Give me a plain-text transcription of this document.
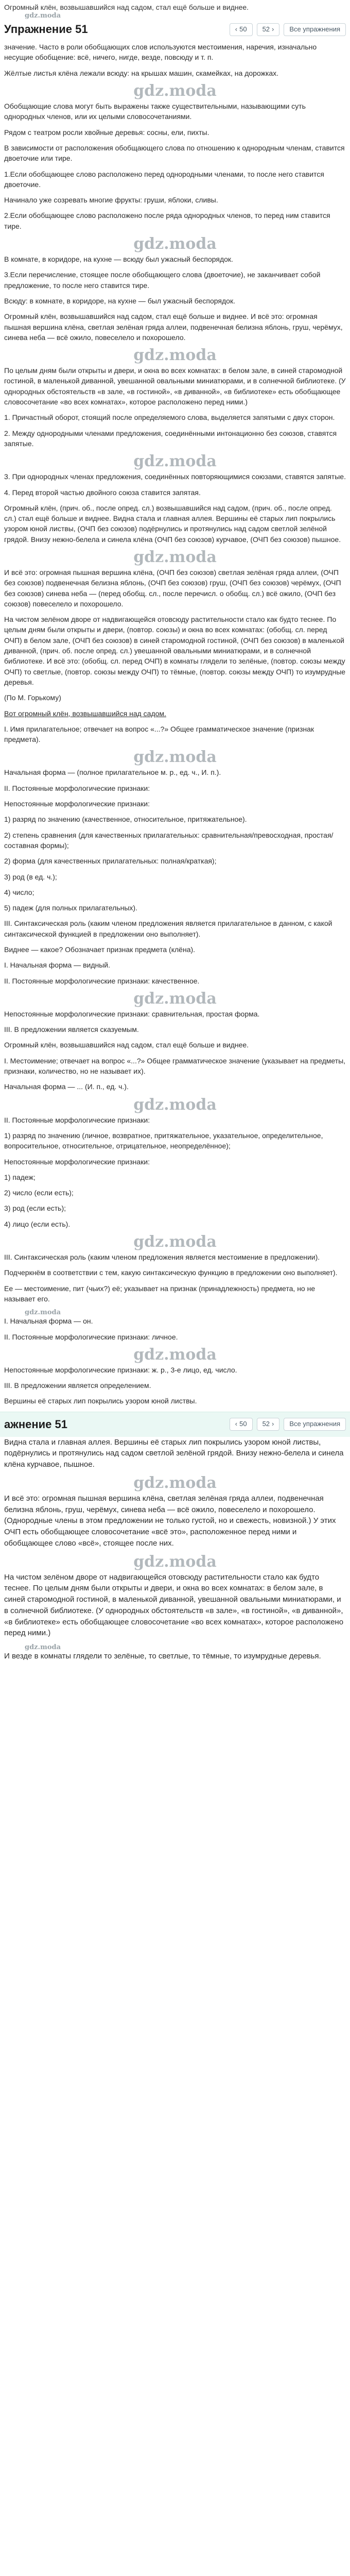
Огромный клён, возвышавшийся над садом, стал ещё больше и виднее.
gdz.moda
Упражнение 51	‹ 50 52 ›	Все упражнения

значение. Часто в роли обобщающих слов используются местоимения, наречия, изначально несущие обобщение: всё, ничего, нигде, везде, повсюду и т. п.

Жёлтые листья клёна лежали всюду: на крышах машин, скамейках, на дорожках.

gdz.moda

Обобщающие слова могут быть выражены также существительными, называющими суть однородных членов, или их целыми словосочетаниями.

Рядом с театром росли хвойные деревья: сосны, ели, пихты.

В зависимости от расположения обобщающего слова по отношению к однородным членам, ставится двоеточие или тире.

1.Если обобщающее слово расположено перед однородными членами, то после него ставится двоеточие.

Начинало уже созревать многие фрукты: груши, яблоки, сливы.

2.Если обобщающее слово расположено после ряда однородных членов, то перед ним ставится тире.

gdz.moda

В комнате, в коридоре, на кухне — всюду был ужасный беспорядок.

3.Если перечисление, стоящее после обобщающего слова (двоеточие), не заканчивает собой предложение, то после него ставится тире.

Всюду: в комнате, в коридоре, на кухне — был ужасный беспорядок.

Огромный клён, возвышавшийся над садом, стал ещё больше и виднее. И всё это: огромная пышная вершина клёна, светлая зелёная гряда аллеи, подвенечная белизна яблонь, груш, черёмух, синева неба — всё ожило, повеселело и похорошело.

gdz.moda

По целым дням были открыты и двери, и окна во всех комнатах: в белом зале, в синей старомодной гостиной, в маленькой диванной, увешанной овальными миниатюрами, и в солнечной библиотеке. (У однородных обстоятельств «в зале, «в гостиной», «в диванной», «в библиотеке» есть обобщающее словосочетание «во всех комнатах», которое расположено перед ними.)

1. Причастный оборот, стоящий после определяемого слова, выделяется запятыми с двух сторон.

2. Между однородными членами предложения, соединёнными интонационно без союзов, ставятся запятые.

gdz.moda

3. При однородных членах предложения, соединённых повторяющимися союзами, ставятся запятые.

4. Перед второй частью двойного союза ставится запятая.

Огромный клён, (прич. об., после опред. сл.) возвышавшийся над садом, (прич. об., после опред. сл.) стал ещё больше и виднее. Видна стала и главная аллея. Вершины её старых лип покрылись узором юной листвы, (ОЧП без союзов) подёрнулись и протянулись над садом светлой зелёной грядой. Внизу нежно-белела и синела клёна (ОЧП без союзов) курчавое, (ОЧП без союзов) пышное.

gdz.moda

И всё это: огромная пышная вершина клёна, (ОЧП без союзов) светлая зелёная гряда аллеи, (ОЧП без союзов) подвенечная белизна яблонь, (ОЧП без союзов) груш, (ОЧП без союзов) черёмух, (ОЧП без союзов) синева неба — (перед обобщ. сл., после перечисл. о обобщ. сл.) всё ожило, (ОЧП без союзов) повеселело и похорошело.

На чистом зелёном дворе от надвигающейся отовсюду растительности стало как будто теснее. По целым дням были открыты и двери, (повтор. союзы) и окна во всех комнатах: (обобщ. сл. перед ОЧП) в белом зале, (ОЧП без союзов) в синей старомодной гостиной, (ОЧП без союзов) в маленькой диванной, (прич. об. после опред. сл.) увешанной овальными миниатюрами, и в солнечной библиотеке. И всё это: (обобщ. сл. перед ОЧП) в комнаты глядели то зелёные, (повтор. союзы между ОЧП) то светлые, (повтор. союзы между ОЧП) то тёмные, (повтор. союзы между ОЧП) то изумрудные деревья.

(По М. Горькому)

Вот огромный клён, возвышавшийся над садом.

I. Имя прилагательное; отвечает на вопрос «...?» Общее грамматическое значение (признак предмета).

gdz.moda

Начальная форма — (полное прилагательное м. р., ед. ч., И. п.).

II. Постоянные морфологические признаки:

Непостоянные морфологические признаки:

1) разряд по значению (качественное, относительное, притяжательное).

2) степень сравнения (для качественных прилагательных: сравнительная/превосходная, простая/составная формы);

2) форма (для качественных прилагательных: полная/краткая);

3) род (в ед. ч.);

4) число;

5) падеж (для полных прилагательных).

III. Синтаксическая роль (каким членом предложения является прилагательное в данном, с какой синтаксической функцией в предложении оно выполняет).

Виднее — какое? Обозначает признак предмета (клёна).

I. Начальная форма — видный.

II. Постоянные морфологические признаки: качественное.

gdz.moda

Непостоянные морфологические признаки: сравнительная, простая форма.

III. В предложении является сказуемым.

Огромный клён, возвышавшийся над садом, стал ещё больше и виднее.

I. Местоимение; отвечает на вопрос «...?» Общее грамматическое значение (указывает на предметы, признаки, количество, но не называет их).

Начальная форма — ... (И. п., ед. ч.).

gdz.moda

II. Постоянные морфологические признаки:

1) разряд по значению (личное, возвратное, притяжательное, указательное, определительное, вопросительное, относительное, отрицательное, неопределённое);

Непостоянные морфологические признаки:

1) падеж;

2) число (если есть);

3) род (если есть);

4) лицо (если есть).

gdz.moda

III. Синтаксическая роль (каким членом предложения является местоимение в предложении).

Подчеркнём в соответствии с тем, какую синтаксическую функцию в предложении оно выполняет).

Ее — местоимение, пит (чьих?) её; указывает на признак (принадлежность) предмета, но не называет его.

gdz.moda

I. Начальная форма — он.

II. Постоянные морфологические признаки: личное.

gdz.moda

Непостоянные морфологические признаки: ж. р., 3-е лицо, ед. число.

III. В предложении является определением.

Вершины её старых лип покрылись узором юной листвы.

ажнение 51	‹ 50 52 ›	Все упражнения

Видна стала и главная аллея. Вершины её старых лип покрылись узором юной листвы, подёрнулись и протянулись над садом светлой зелёной грядой. Внизу нежно-белела и синела клёна курчавое, пышное.

gdz.moda

И всё это: огромная пышная вершина клёна, светлая зелёная гряда аллеи, подвенечная белизна яблонь, груш, черёмух, синева неба — всё ожило, повеселело и похорошело. (Однородные члены в этом предложении не только густой, но и свежесть, новизной.) У этих ОЧП есть обобщающее словосочетание «всё это», расположенное перед ними и обобщающее слово «всё», стоящее после них.

gdz.moda

На чистом зелёном дворе от надвигающейся отовсюду растительности стало как будто теснее. По целым дням были открыты и двери, и окна во всех комнатах: в белом зале, в синей старомодной гостиной, в маленькой диванной, увешанной овальными миниатюрами, и в солнечной библиотеке. (У однородных обстоятельств «в зале», «в гостиной», «в диванной», «в библиотеке» есть обобщающее словосочетание «во всех комнатах», которое расположено перед ними.)

gdz.moda

И везде в комнаты глядели то зелёные, то светлые, то тёмные, то изумрудные деревья.
